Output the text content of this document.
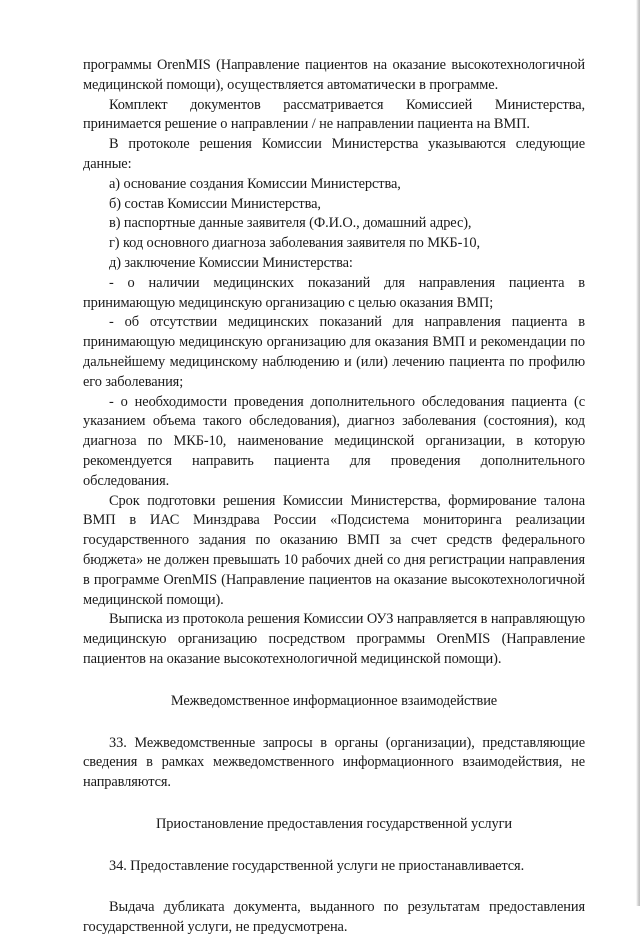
программы OrenMIS (Направление пациентов на оказание высокотехнологичной медицинской помощи), осуществляется автоматически в программе.

Комплект документов рассматривается Комиссией Министерства, принимается решение о направлении / не направлении пациента на ВМП.

В протоколе решения Комиссии Министерства указываются следующие данные:

а) основание создания Комиссии Министерства,

б) состав Комиссии Министерства,

в) паспортные данные заявителя (Ф.И.О., домашний адрес),

г) код основного диагноза заболевания заявителя по МКБ-10,

д) заключение Комиссии Министерства:

- о наличии медицинских показаний для направления пациента в принимающую медицинскую организацию с целью оказания ВМП;

- об отсутствии медицинских показаний для направления пациента в принимающую медицинскую организацию для оказания ВМП и рекомендации по дальнейшему медицинскому наблюдению и (или) лечению пациента по профилю его заболевания;

- о необходимости проведения дополнительного обследования пациента (с указанием объема такого обследования), диагноз заболевания (состояния), код диагноза по МКБ-10, наименование медицинской организации, в которую рекомендуется направить пациента для проведения дополнительного обследования.

Срок подготовки решения Комиссии Министерства, формирование талона ВМП в ИАС Минздрава России «Подсистема мониторинга реализации государственного задания по оказанию ВМП за счет средств федерального бюджета» не должен превышать 10 рабочих дней со дня регистрации направления в программе OrenMIS (Направление пациентов на оказание высокотехнологичной медицинской помощи).

Выписка из протокола решения Комиссии ОУЗ направляется в направляющую медицинскую организацию посредством программы OrenMIS (Направление пациентов на оказание высокотехнологичной медицинской помощи).

Межведомственное информационное взаимодействие

33. Межведомственные запросы в органы (организации), представляющие сведения в рамках межведомственного информационного взаимодействия, не направляются.

Приостановление предоставления государственной услуги

34. Предоставление государственной услуги не приостанавливается.

Выдача дубликата документа, выданного по результатам предоставления государственной услуги, не предусмотрена.
